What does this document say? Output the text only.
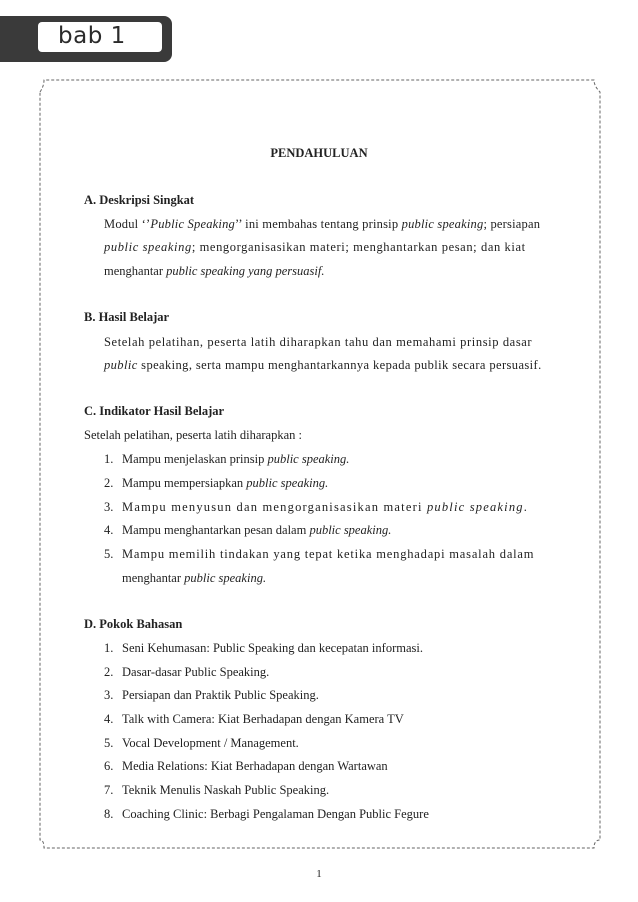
bab 1
PENDAHULUAN
A. Deskripsi Singkat
Modul ‘’Public Speaking’’ ini membahas tentang prinsip public speaking; persiapan
public speaking; mengorganisasikan materi; menghantarkan pesan; dan kiat
menghantar public speaking yang persuasif.
B. Hasil Belajar
Setelah pelatihan, peserta latih diharapkan tahu dan memahami prinsip dasar
public speaking, serta mampu menghantarkannya kepada publik secara persuasif.
C. Indikator Hasil Belajar
Setelah pelatihan, peserta latih diharapkan :
1. Mampu menjelaskan prinsip public speaking.
2. Mampu mempersiapkan public speaking.
3. Mampu menyusun dan mengorganisasikan materi public speaking.
4. Mampu menghantarkan pesan dalam public speaking.
5. Mampu memilih tindakan yang tepat ketika menghadapi masalah dalam
menghantar public speaking.
D. Pokok Bahasan
1. Seni Kehumasan: Public Speaking dan kecepatan informasi.
2. Dasar-dasar Public Speaking.
3. Persiapan dan Praktik Public Speaking.
4. Talk with Camera: Kiat Berhadapan dengan Kamera TV
5. Vocal Development / Management.
6. Media Relations: Kiat Berhadapan dengan Wartawan
7. Teknik Menulis Naskah Public Speaking.
8. Coaching Clinic: Berbagi Pengalaman Dengan Public Fegure
1
